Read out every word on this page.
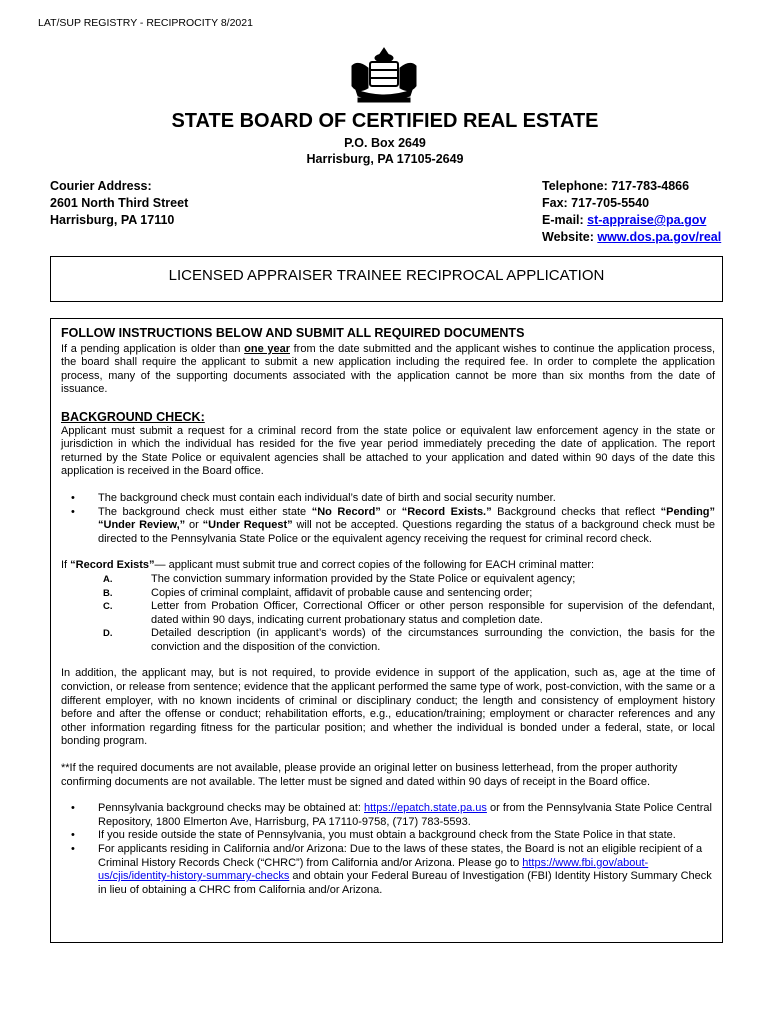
LAT/SUP REGISTRY - RECIPROCITY 8/2021
STATE BOARD OF CERTIFIED REAL ESTATE
P.O. Box 2649
Harrisburg, PA 17105-2649
Courier Address:
2601 North Third Street
Harrisburg, PA 17110
Telephone: 717-783-4866
Fax: 717-705-5540
E-mail: st-appraise@pa.gov
Website: www.dos.pa.gov/real
LICENSED APPRAISER TRAINEE RECIPROCAL APPLICATION
FOLLOW INSTRUCTIONS BELOW AND SUBMIT ALL REQUIRED DOCUMENTS
If a pending application is older than one year from the date submitted and the applicant wishes to continue the application process, the board shall require the applicant to submit a new application including the required fee. In order to complete the application process, many of the supporting documents associated with the application cannot be more than six months from the date of issuance.
BACKGROUND CHECK:
Applicant must submit a request for a criminal record from the state police or equivalent law enforcement agency in the state or jurisdiction in which the individual has resided for the five year period immediately preceding the date of application. The report returned by the State Police or equivalent agencies shall be attached to your application and dated within 90 days of the date this application is received in the Board office.
• The background check must contain each individual’s date of birth and social security number.
• The background check must either state “No Record” or “Record Exists.” Background checks that reflect “Pending” “Under Review,” or “Under Request” will not be accepted. Questions regarding the status of a background check must be directed to the Pennsylvania State Police or the equivalent agency receiving the request for criminal record check.
If “Record Exists”— applicant must submit true and correct copies of the following for EACH criminal matter:
A.	The conviction summary information provided by the State Police or equivalent agency;
B.	Copies of criminal complaint, affidavit of probable cause and sentencing order;
C.	Letter from Probation Officer, Correctional Officer or other person responsible for supervision of the defendant, dated within 90 days, indicating current probationary status and completion date.
D.	Detailed description (in applicant’s words) of the circumstances surrounding the conviction, the basis for the conviction and the disposition of the conviction.
In addition, the applicant may, but is not required, to provide evidence in support of the application, such as, age at the time of conviction, or release from sentence; evidence that the applicant performed the same type of work, post-conviction, with the same or a different employer, with no known incidents of criminal or disciplinary conduct; the length and consistency of employment history before and after the offense or conduct; rehabilitation efforts, e.g., education/training; employment or character references and any other information regarding fitness for the particular position; and whether the individual is bonded under a federal, state, or local bonding program.
**If the required documents are not available, please provide an original letter on business letterhead, from the proper authority confirming documents are not available. The letter must be signed and dated within 90 days of receipt in the Board office.
• Pennsylvania background checks may be obtained at: https://epatch.state.pa.us or from the Pennsylvania State Police Central Repository, 1800 Elmerton Ave, Harrisburg, PA 17110-9758, (717) 783-5593.
• If you reside outside the state of Pennsylvania, you must obtain a background check from the State Police in that state.
• For applicants residing in California and/or Arizona: Due to the laws of these states, the Board is not an eligible recipient of a Criminal History Records Check (“CHRC”) from California and/or Arizona. Please go to https://www.fbi.gov/about-us/cjis/identity-history-summary-checks and obtain your Federal Bureau of Investigation (FBI) Identity History Summary Check in lieu of obtaining a CHRC from California and/or Arizona.
